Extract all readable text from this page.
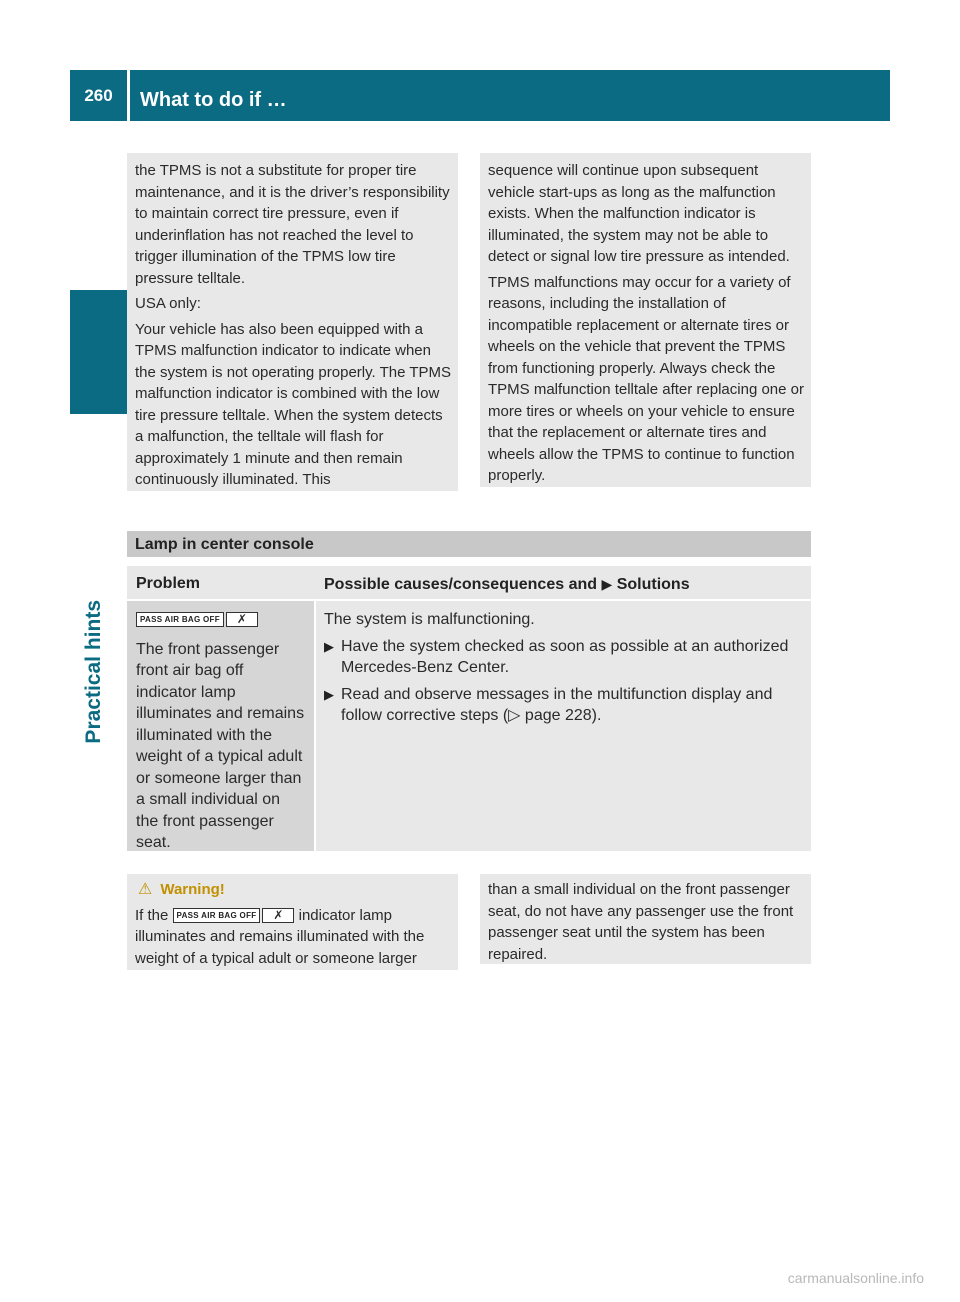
260	What to do if …
Practical hints

the TPMS is not a substitute for proper tire maintenance, and it is the driver’s responsibility to maintain correct tire pressure, even if underinflation has not reached the level to trigger illumination of the TPMS low tire pressure telltale.

USA only:

Your vehicle has also been equipped with a TPMS malfunction indicator to indicate when the system is not operating properly. The TPMS malfunction indicator is combined with the low tire pressure telltale. When the system detects a malfunction, the telltale will flash for approximately 1 minute and then remain continuously illuminated. This

sequence will continue upon subsequent vehicle start-ups as long as the malfunction exists. When the malfunction indicator is illuminated, the system may not be able to detect or signal low tire pressure as intended.

TPMS malfunctions may occur for a variety of reasons, including the installation of incompatible replacement or alternate tires or wheels on the vehicle that prevent the TPMS from functioning properly. Always check the TPMS malfunction telltale after replacing one or more tires or wheels on your vehicle to ensure that the replacement or alternate tires and wheels allow the TPMS to continue to function properly.

Lamp in center console
Problem	Possible causes/consequences and ▶ Solutions
PASS AIR BAG OFF ✗
The front passenger front air bag off indicator lamp illuminates and remains illuminated with the weight of a typical adult or someone larger than a small individual on the front passenger seat.
The system is malfunctioning.
▶ Have the system checked as soon as possible at an authorized Mercedes-Benz Center.
▶ Read and observe messages in the multifunction display and follow corrective steps (▷ page 228).
⚠ Warning!
If the PASS AIR BAG OFF ✗ indicator lamp illuminates and remains illuminated with the weight of a typical adult or someone larger
than a small individual on the front passenger seat, do not have any passenger use the front passenger seat until the system has been repaired.
carmanualsonline.info
